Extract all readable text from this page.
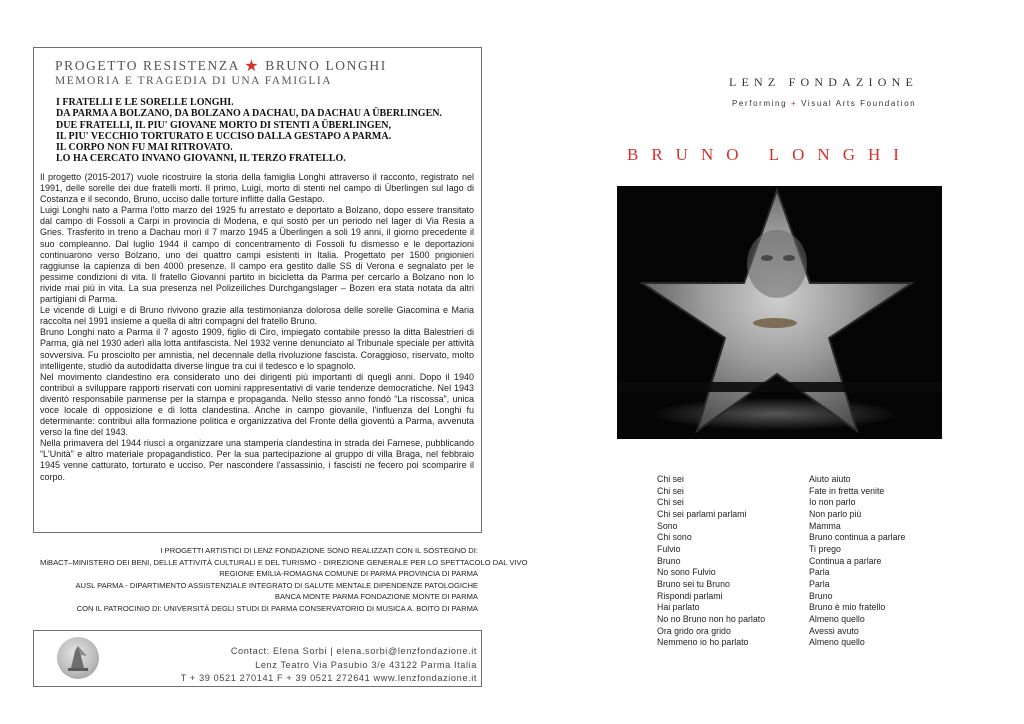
PROGETTO RESISTENZA ★ BRUNO LONGHI
MEMORIA E TRAGEDIA DI UNA FAMIGLIA
I FRATELLI E LE SORELLE LONGHI.
DA PARMA A BOLZANO, DA BOLZANO A DACHAU, DA DACHAU A ÜBERLINGEN.
DUE FRATELLI, IL PIU' GIOVANE MORTO DI STENTI A ÜBERLINGEN,
IL PIU' VECCHIO TORTURATO E UCCISO DALLA GESTAPO A PARMA.
IL CORPO NON FU MAI RITROVATO.
LO HA CERCATO INVANO GIOVANNI, IL TERZO FRATELLO.

Il progetto (2015-2017) vuole ricostruire la storia della famiglia Longhi attraverso il racconto, registrato nel 1991, delle sorelle dei due fratelli morti. Il primo, Luigi, morto di stenti nel campo di Überlingen sul lago di Costanza e il secondo, Bruno, ucciso dalle torture inflitte dalla Gestapo.

Luigi Longhi nato a Parma l'otto marzo del 1925 fu arrestato e deportato a Bolzano, dopo essere transitato dal campo di Fossoli a Carpi in provincia di Modena, e qui sostò per un periodo nel lager di Via Resia a Gries. Trasferito in treno a Dachau morì il 7 marzo 1945 a Überlingen a soli 19 anni, il giorno precedente il suo compleanno. Dal luglio 1944 il campo di concentramento di Fossoli fu dismesso e le deportazioni continuarono verso Bolzano, uno dei quattro campi esistenti in Italia. Progettato per 1500 prigionieri raggiunse la capienza di ben 4000 presenze. Il campo era gestito dalle SS di Verona e segnalato per le pessime condizioni di vita. Il fratello Giovanni partito in bicicletta da Parma per cercarlo a Bolzano non lo rivide mai più in vita. La sua presenza nel Polizeiliches Durchgangslager – Bozen era stata notata da altri partigiani di Parma.

Le vicende di Luigi e di Bruno rivivono grazie alla testimonianza dolorosa delle sorelle Giacomina e Maria raccolta nel 1991 insieme a quella di altri compagni del fratello Bruno.

Bruno Longhi nato a Parma il 7 agosto 1909, figlio di Ciro, impiegato contabile presso la ditta Balestrieri di Parma, già nel 1930 aderì alla lotta antifascista. Nel 1932 venne denunciato al Tribunale speciale per attività sovversiva. Fu prosciolto per amnistia, nel decennale della rivoluzione fascista. Coraggioso, riservato, molto intelligente, studiò da autodidatta diverse lingue tra cui il tedesco e lo spagnolo.

Nel movimento clandestino era considerato uno dei dirigenti più importanti di quegli anni. Dopo il 1940 contribuì a sviluppare rapporti riservati con uomini rappresentativi di varie tendenze democratiche. Nel 1943 diventò responsabile parmense per la stampa e propaganda. Nello stesso anno fondò “La riscossa”, unica voce locale di opposizione e di lotta clandestina. Anche in campo giovanile, l'influenza del Longhi fu determinante: contribuì alla formazione politica e organizzativa del Fronte della gioventù a Parma, avvenuta verso la fine del 1943.

Nella primavera del 1944 riuscì a organizzare una stamperia clandestina in strada dei Farnese, pubblicando “L'Unità” e altro materiale propagandistico. Per la sua partecipazione al gruppo di villa Braga, nel febbraio 1945 venne catturato, torturato e ucciso. Per nascondere l'assassinio, i fascisti ne fecero poi scomparire il corpo.

I PROGETTI ARTISTICI DI LENZ FONDAZIONE SONO REALIZZATI CON IL SOSTEGNO DI:
MiBACT–MINISTERO DEI BENI, DELLE ATTIVITÀ CULTURALI E DEL TURISMO - DIREZIONE GENERALE PER LO SPETTACOLO DAL VIVO
REGIONE EMILIA-ROMAGNA COMUNE DI PARMA PROVINCIA DI PARMA
AUSL PARMA - DIPARTIMENTO ASSISTENZIALE INTEGRATO DI SALUTE MENTALE DIPENDENZE PATOLOGICHE
BANCA MONTE PARMA FONDAZIONE MONTE DI PARMA
CON IL PATROCINIO DI: UNIVERSITÀ DEGLI STUDI DI PARMA CONSERVATORIO DI MUSICA A. BOITO DI PARMA
Contact: Elena Sorbi | elena.sorbi@lenzfondazione.it
Lenz Teatro Via Pasubio 3/e 43122 Parma Italia
T + 39 0521 270141 F + 39 0521 272641 www.lenzfondazione.it
LENZ FONDAZIONE
Performing + Visual Arts Foundation
BRUNO LONGHI
Chi sei
Chi sei
Chi sei
Chi sei parlami parlami
Sono
Chi sono
Fulvio
Bruno
No sono Fulvio
Bruno sei tu Bruno
Rispondi parlami
Hai parlato
No no Bruno non ho parlato
Ora grido ora grido
Nemmeno io ho parlato
Aiuto aiuto
Fate in fretta venite
Io non parlo
Non parlo più
Mamma
Bruno continua a parlare
Ti prego
Continua a parlare
Parla
Parla
Bruno
Bruno è mio fratello
Almeno quello
Avessi avuto
Almeno quello
